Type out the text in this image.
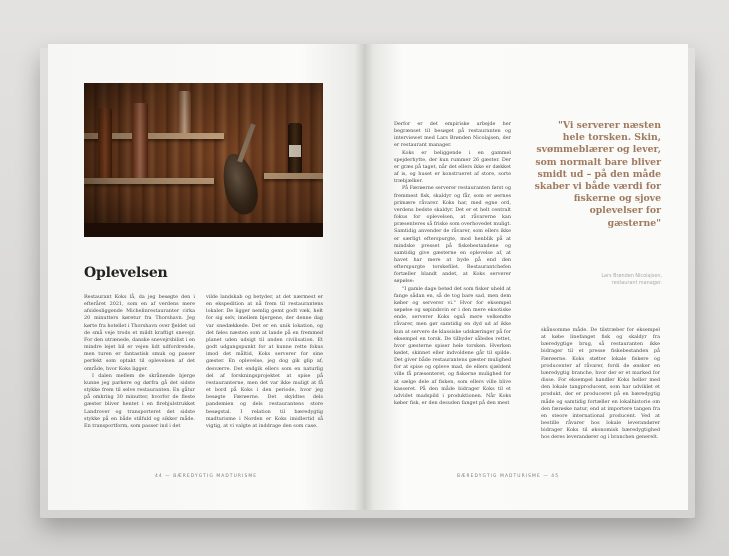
Oplevelsen

Restaurant Koks lå, da jeg besøgte den i efteråret 2021, som en af verdens mere afsidesliggende Michelinrestauranter cirka 20 minutters køretur fra Thorshavn. Jeg kørte fra hotellet i Thorshavn over fjeldet ud de små veje trods et mildt kraftigt snevejr. For den utrænede, danske snevejrsbilist i en mindre lejet bil er vejen lidt udfordrende, men turen er fantastisk smuk og passer perfekt som optakt til oplevelsen af det område, hvor Koks ligger.

I dalen mellem de skrånende bjerge kunne jeg parkere og dørfra gå det sidste stykke frem til selve restauranten. En gåtur på omkring 30 minutter, hvorfor de fleste gæster bliver hentet i en firehjulstrukket Landrover og transporteret det sidste stykke på en både stilfuld og sikker måde. En transportform, som passer ind i det

vilde landskab og betyder, at det nærmest er en ekspedition at nå frem til restaurantens lokaler. De ligger nemlig gemt godt væk, helt for sig selv, imellem bjergene, der denne dag var snedækkede. Det er en unik lokation, og det føles næsten som at lande på en fremmed planet uden udsigt til anden civilisation. Et godt udgangspunkt for at kunne rette fokus imod det måltid, Koks serverer for sine gæster. En oplevelse, jeg dog gik glip af, desværre. Det endgik ellers som en naturlig del af forskningsprojektet at spise på restauranterne, men det var ikke muligt at få et bord på Koks i den periode, hvor jeg besøgte Færøerne. Det skyldtes dels pandemien og dels restaurantens store besøgstal. I relation til bæredygtig madturisme i Norden er Koks imidlertid så vigtig, at vi valgte at inddrage den som case.

44 — BÆREDYGTIG MADTURISME

Derfor er det empiriske arbejde her begrænset til besøget på restauranten og interviewet med Lars Brønden Nicolajsen, der er restaurant manager.

Koks er beliggende i en gammel spejderhytte, der kun rummer 26 gæster. Der er græs på taget, når det ellers ikke er dækket af is, og huset er konstrueret af store, sorte træbjælker.

På Færøerne serverer restauranten først og fremmest fisk, skaldyr og får, som er øernes primære råvarer. Koks har, med egne ord, verdens bedste skaldyr. Det er et helt centralt fokus for oplevelsen, at råvarerne kan præsenteres så friske som overhovedet muligt. Samtidig anvender de råvarer, som ellers ikke er særligt efterspurgte, mod henblik på at mindske presset på fiskebestandene og samtidig give gæsterne en oplevelse af, at havet har mere at byde på end den efterspurgte torskefilet. Restaurantchefen fortæller blandt andet, at Koks serverer søpølse:

"I gamle dage betød det som fisker uheld at fange sådan en, så de tog bare sad, men dem køber og serverer vi." Hvor for eksempel søpølse og søpindsvin er i den mere eksotiske ende, serverer Koks også mere velkendte råvarer, men gør samtidig en dyd ud af ikke kun at servere de klassiske udskæringer på for eksempel en torsk. De tilbyder således rettet, hvor gæsterne spiser hele torsken. Hverken kødet, skinnet eller indvoldene går til spilde. Det giver både restaurantens gæster mulighed for at spise og opleve mad, de ellers sjældent ville få præsenteret, og fiskerne mulighed for at sælge dele af fisken, som ellers ville blive kasseret. På den måde bidrager Koks til et udvidet madspild i produktionen. Når Koks køber fisk, er den desuden fanget på den mest

"Vi serverer næsten hele torsken. Skin, svømmeblærer og lever, som normalt bare bliver smidt ud – på den måde skaber vi både værdi for fiskerne og sjove oplevelser for gæsterne"
Lars Brønden Nicolajsen,
restaurant manager.

skånsomme måde. De tilstræber for eksempel at købe linefanget fisk og skaldyr fra bæredygtige brug, så restauranten ikke bidrager til et presse fiskebestanden på Færøerne. Koks støtter lokale fiskere og producenter af råvarer, fordi de ønsker en bæredygtig branche, hvor der er et marked for disse. For eksempel handler Koks heller med den lokale tangproducent, som har udviklet et produkt, der er produceret på en bæredygtig måde og samtidig fortæller en lokalhistorie om den færøske natur, end at importere tangen fra en steore international producent. Ved at bestille råvarer hos lokale leverandører bidrager Koks til økonomisk bæredygtighed hos deres leverandører og i branchen generelt.

BÆREDYGTIG MADTURISME — 45
